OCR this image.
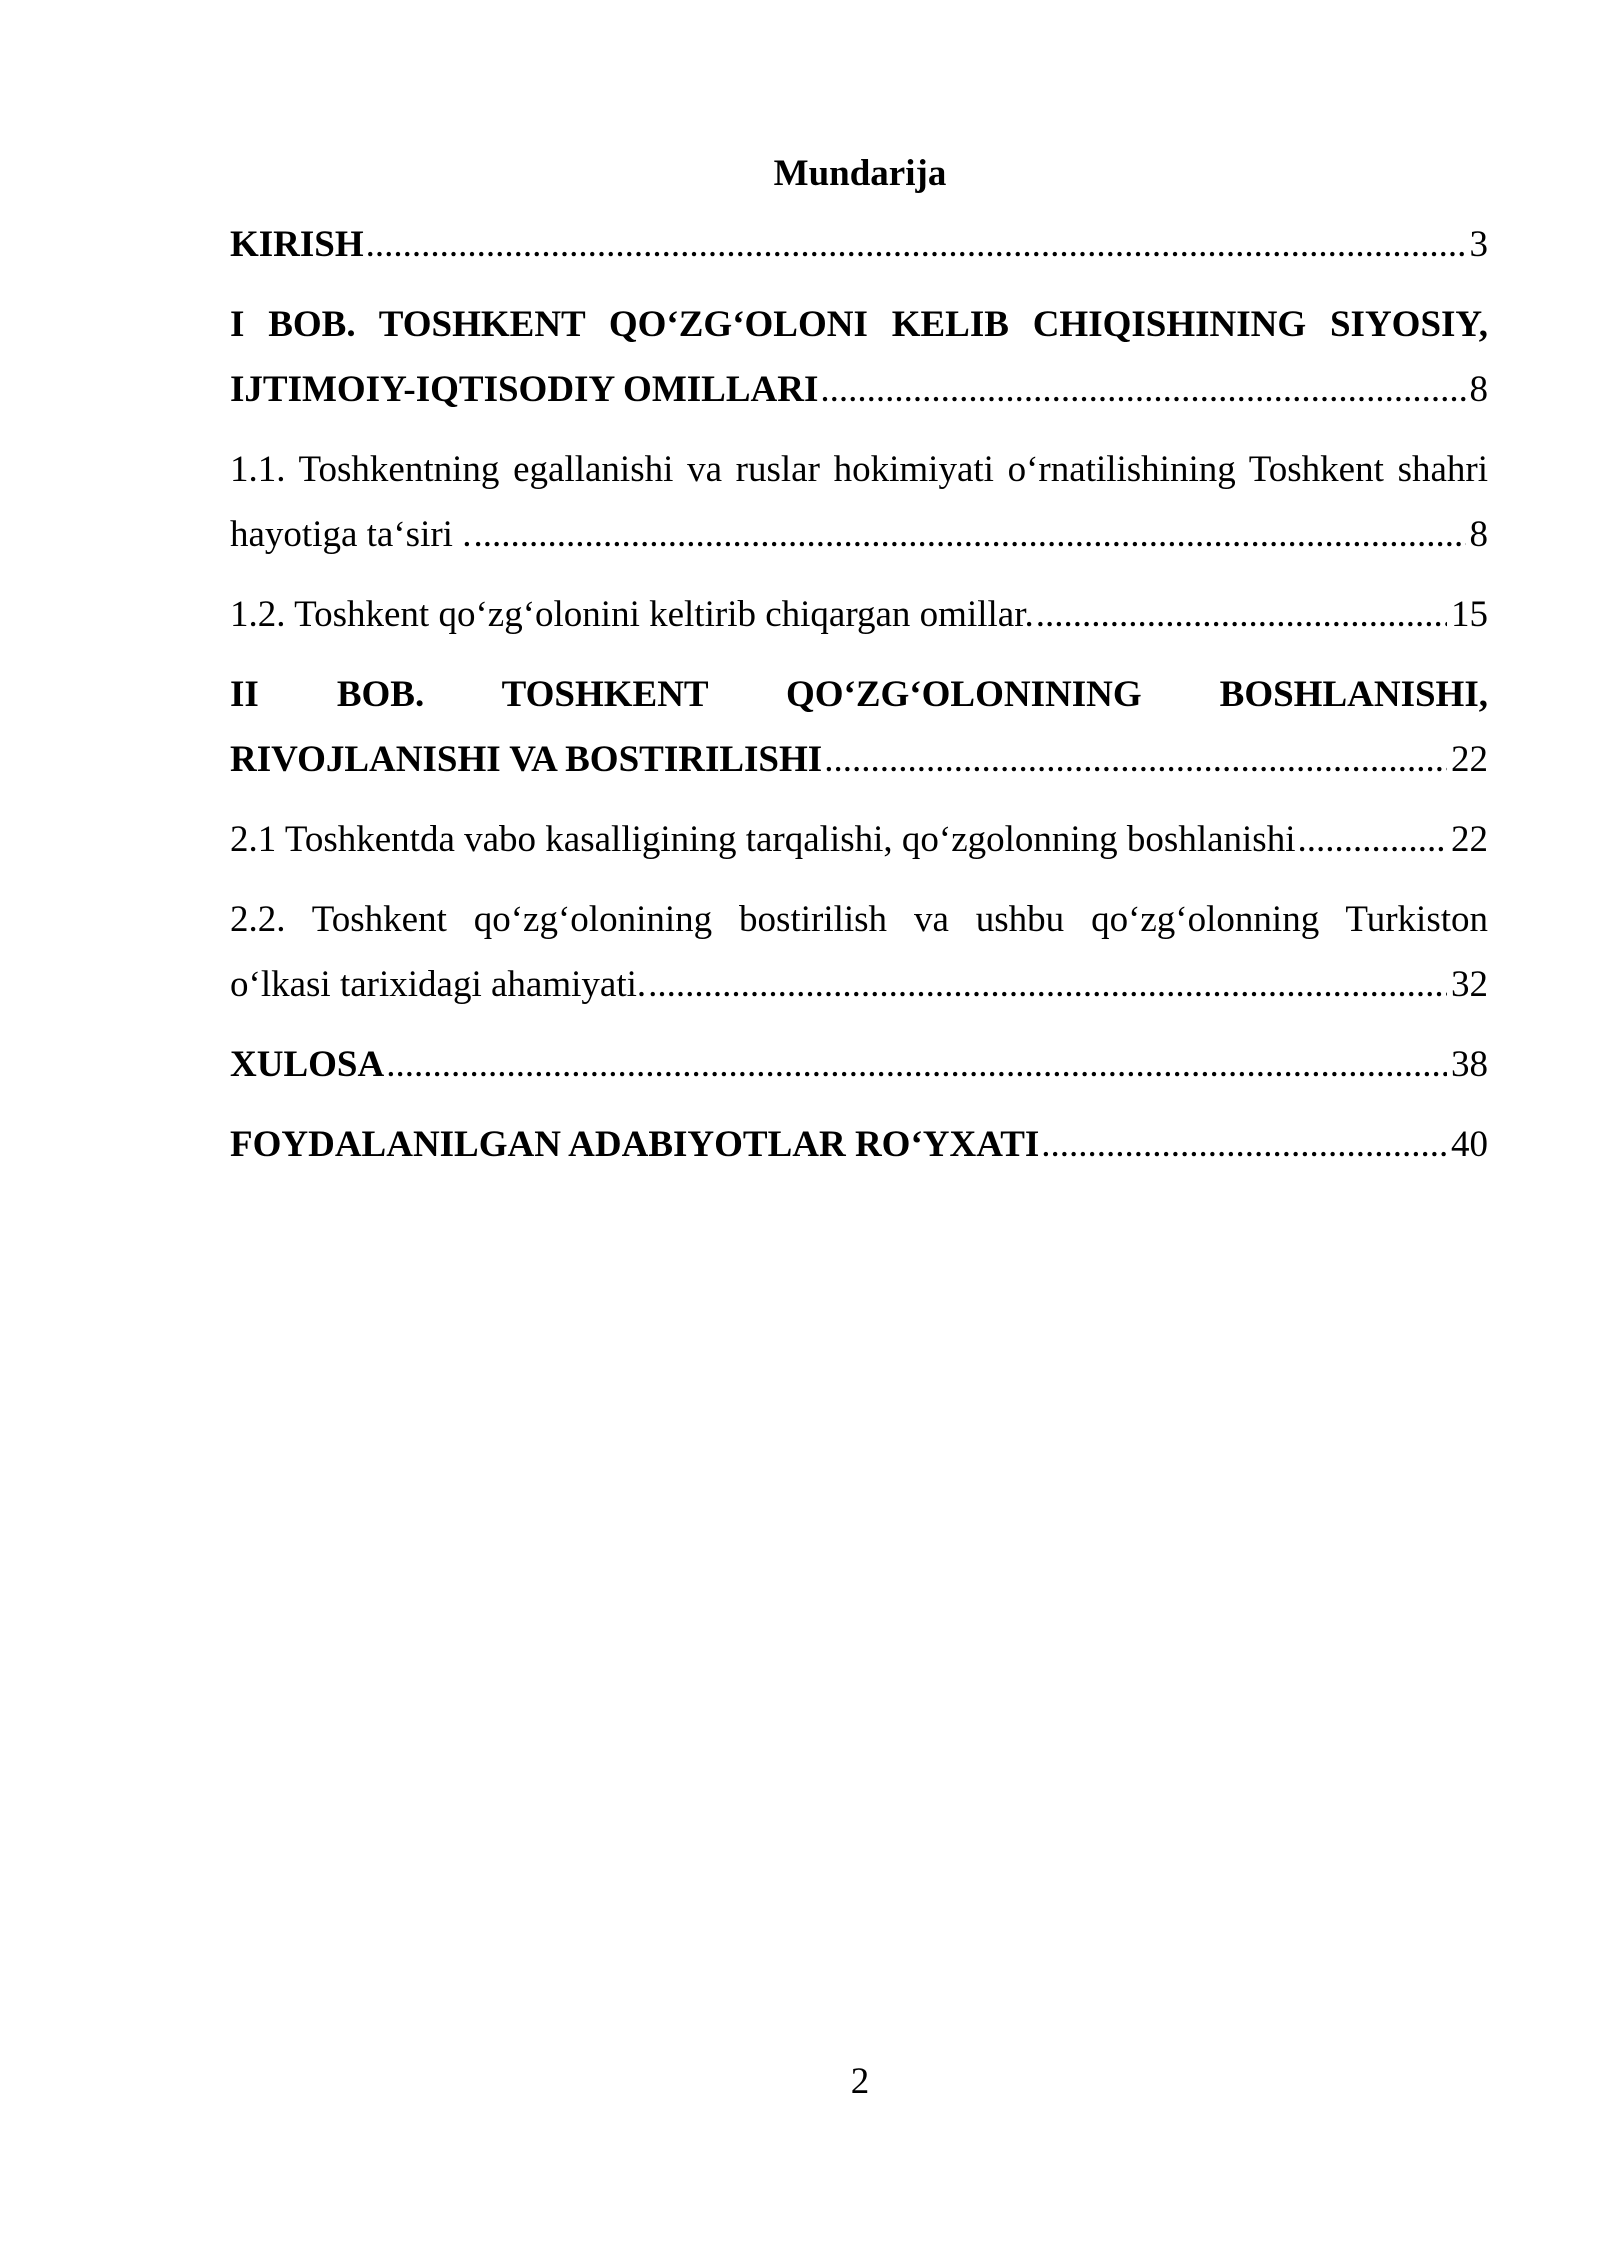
Mundarija
KIRISH .....	3
I BOB. TOSHKENT QO‘ZG‘OLONI KELIB CHIQISHINING SIYOSIY,
IJTIMOIY-IQTISODIY OMILLARI .....	8
1.1. Toshkentning egallanishi va ruslar hokimiyati o‘rnatilishining Toshkent shahri
hayotiga ta‘siri . .....	8
1.2. Toshkent qo‘zg‘olonini keltirib chiqargan omillar. .....	15
II BOB. TOSHKENT QO‘ZG‘OLONINING BOSHLANISHI,
RIVOJLANISHI VA BOSTIRILISHI .....	22
2.1 Toshkentda vabo kasalligining tarqalishi, qo‘zgolonning boshlanishi .....	22
2.2. Toshkent qo‘zg‘olonining bostirilish va ushbu qo‘zg‘olonning Turkiston
o‘lkasi tarixidagi ahamiyati. .....	32
XULOSA .....	38
FOYDALANILGAN ADABIYOTLAR RO‘YXATI .....	40
2
